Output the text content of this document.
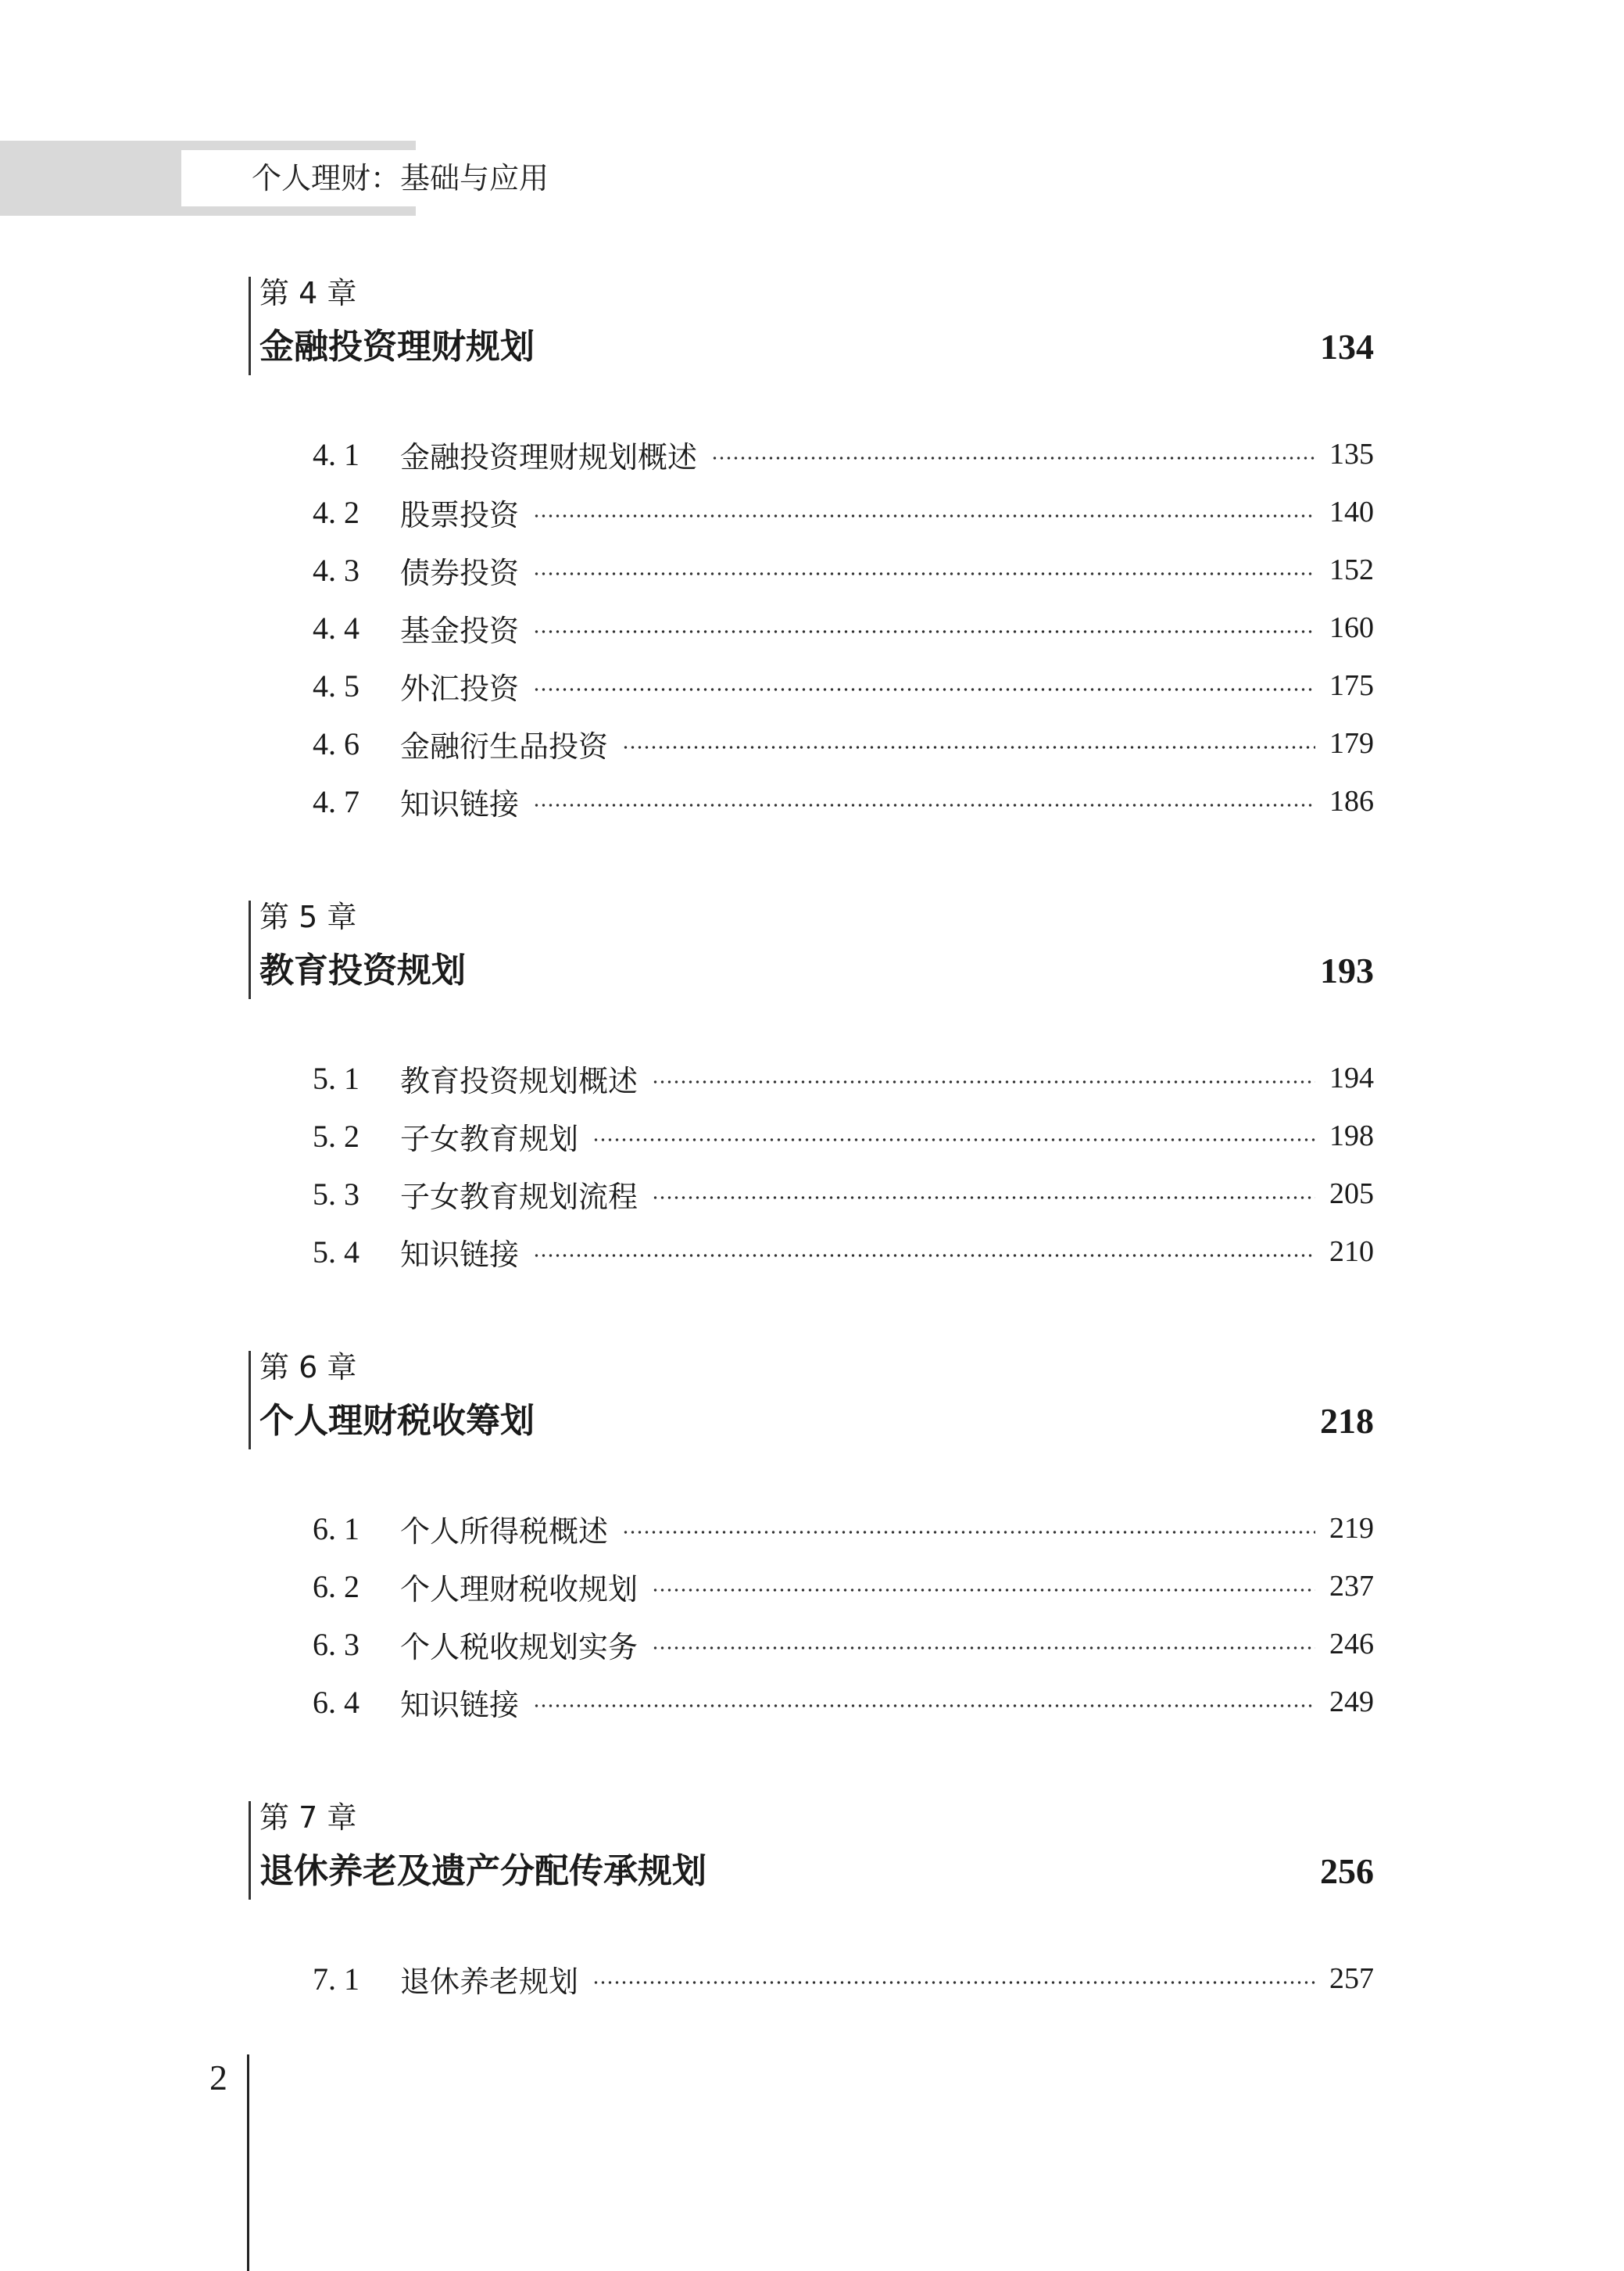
个人理财：基础与应用
第 4 章
金融投资理财规划	134
4. 1	金融投资理财规划概述	135
4. 2	股票投资	140
4. 3	债券投资	152
4. 4	基金投资	160
4. 5	外汇投资	175
4. 6	金融衍生品投资	179
4. 7	知识链接	186
第 5 章
教育投资规划	193
5. 1	教育投资规划概述	194
5. 2	子女教育规划	198
5. 3	子女教育规划流程	205
5. 4	知识链接	210
第 6 章
个人理财税收筹划	218
6. 1	个人所得税概述	219
6. 2	个人理财税收规划	237
6. 3	个人税收规划实务	246
6. 4	知识链接	249
第 7 章
退休养老及遗产分配传承规划	256
7. 1	退休养老规划	257
2
